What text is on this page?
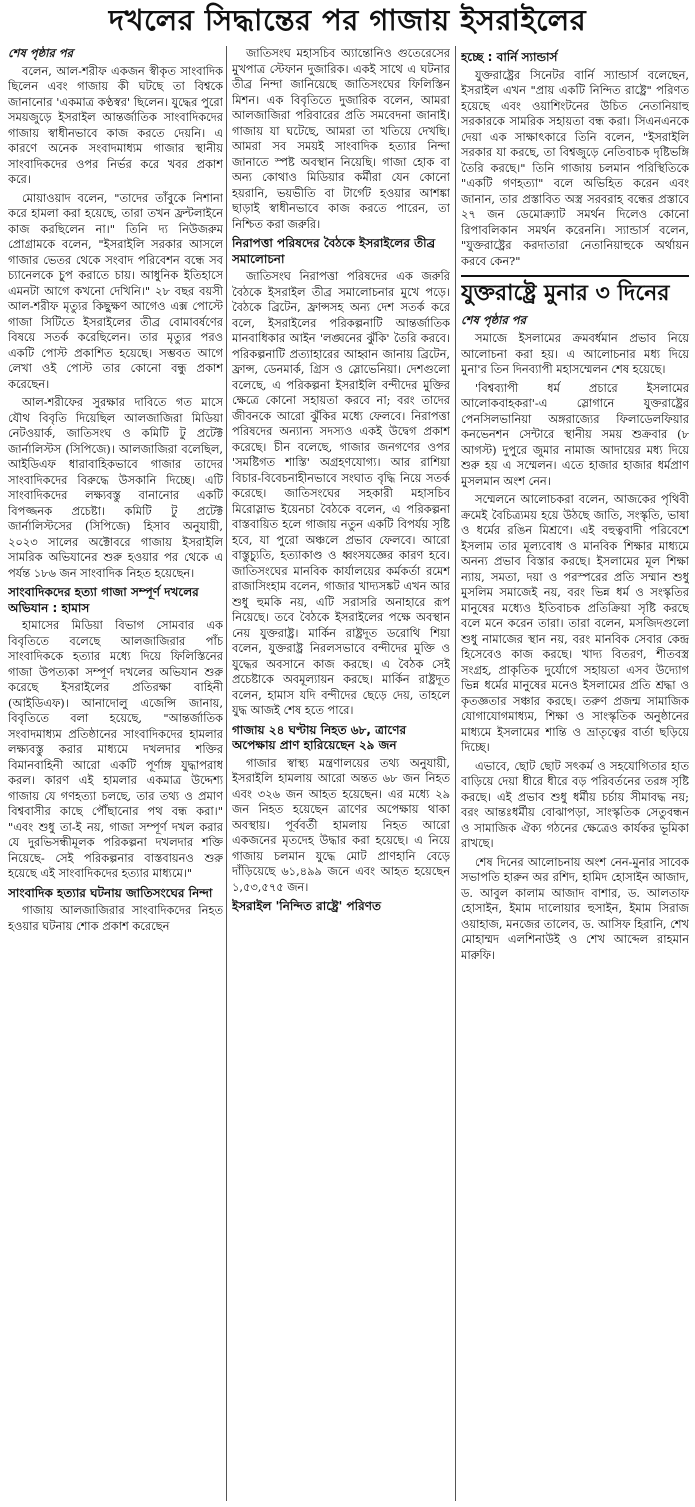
দখলের সিদ্ধান্তের পর গাজায় ইসরাইলের

শেষ পৃষ্ঠার পর

বলেন, আল-শরীফ একজন স্বীকৃত সাংবাদিক ছিলেন এবং গাজায় কী ঘটছে তা বিশ্বকে জানানোর 'একমাত্র কণ্ঠস্বর' ছিলেন। যুদ্ধের পুরো সময়জুড়ে ইসরাইল আন্তর্জাতিক সাংবাদিকদের গাজায় স্বাধীনভাবে কাজ করতে দেয়নি। এ কারণে অনেক সংবাদমাধ্যম গাজার স্থানীয় সাংবাদিকদের ওপর নির্ভর করে খবর প্রকাশ করে।

মোয়াওয়াদ বলেন, "তাদের তাঁবুকে নিশানা করে হামলা করা হয়েছে, তারা তখন ফ্রন্টলাইনে কাজ করছিলেন না।" তিনি দ্য নিউজরুম প্রোগ্রামকে বলেন, "ইসরাইলি সরকার আসলে গাজার ভেতর থেকে সংবাদ পরিবেশন বন্ধে সব চ্যানেলকে চুপ করাতে চায়। আধুনিক ইতিহাসে এমনটা আগে কখনো দেখিনি।" ২৮ বছর বয়সী আল-শরীফ মৃত্যুর কিছুক্ষণ আগেও এক্স পোস্টে গাজা সিটিতে ইসরাইলের তীব্র বোমাবর্ষণের বিষয়ে সতর্ক করেছিলেন। তার মৃত্যুর পরও একটি পোস্ট প্রকাশিত হয়েছে। সম্ভবত আগে লেখা ওই পোস্ট তার কোনো বন্ধু প্রকাশ করেছেন।

আল-শরীফের সুরক্ষার দাবিতে গত মাসে যৌথ বিবৃতি দিয়েছিল আলজাজিরা মিডিয়া নেটওয়ার্ক, জাতিসংঘ ও কমিটি টু প্রটেক্ট জার্নালিস্টস (সিপিজে)। আলজাজিরা বলেছিল, আইডিএফ ধারাবাহিকভাবে গাজার তাদের সাংবাদিকদের বিরুদ্ধে উসকানি দিচ্ছে। এটি সাংবাদিকদের লক্ষ্যবস্তু বানানোর একটি বিপজ্জনক প্রচেষ্টা। কমিটি টু প্রটেক্ট জার্নালিস্টসের (সিপিজে) হিসাব অনুযায়ী, ২০২৩ সালের অক্টোবরে গাজায় ইসরাইলি সামরিক অভিযানের শুরু হওয়ার পর থেকে এ পর্যন্ত ১৮৬ জন সাংবাদিক নিহত হয়েছেন।

সাংবাদিকদের হত্যা গাজা সম্পূর্ণ দখলের অভিযান : হামাস

হামাসের মিডিয়া বিভাগ সোমবার এক বিবৃতিতে বলেছে আলজাজিরার পাঁচ সাংবাদিককে হত্যার মধ্যে দিয়ে ফিলিস্তিনের গাজা উপত্যকা সম্পূর্ণ দখলের অভিযান শুরু করেছে ইসরাইলের প্রতিরক্ষা বাহিনী (আইডিএফ)। আনাদোলু এজেন্সি জানায়, বিবৃতিতে বলা হয়েছে, "আন্তর্জাতিক সংবাদমাধ্যম প্রতিষ্ঠানের সাংবাদিকদের হামলার লক্ষ্যবস্তু করার মাধ্যমে দখলদার শক্তির বিমানবাহিনী আরো একটি পূর্ণাঙ্গ যুদ্ধাপরাধ করল। কারণ এই হামলার একমাত্র উদ্দেশ্য গাজায় যে গণহত্যা চলছে, তার তথ্য ও প্রমাণ বিশ্ববাসীর কাছে পৌঁছানোর পথ বন্ধ করা।" "এবং শুধু তা-ই নয়, গাজা সম্পূর্ণ দখল করার যে দুরভিসন্ধীমূলক পরিকল্পনা দখলদার শক্তি নিয়েছে- সেই পরিকল্পনার বাস্তবায়নও শুরু হয়েছে এই সাংবাদিকদের হত্যার মাধ্যমে।"

সাংবাদিক হত্যার ঘটনায় জাতিসংঘের নিন্দা

গাজায় আলজাজিরার সাংবাদিকদের নিহত হওয়ার ঘটনায় শোক প্রকাশ করেছেন

জাতিসংঘ মহাসচিব অ্যান্তোনিও গুতেরেসের মুখপাত্র স্টেফান দুজারিক। একই সাথে এ ঘটনার তীব্র নিন্দা জানিয়েছে জাতিসংঘের ফিলিস্তিন মিশন। এক বিবৃতিতে দুজারিক বলেন, আমরা আলজাজিরা পরিবারের প্রতি সমবেদনা জানাই। গাজায় যা ঘটেছে, আমরা তা খতিয়ে দেখছি। আমরা সব সময়ই সাংবাদিক হত্যার নিন্দা জানাতে স্পষ্ট অবস্থান নিয়েছি। গাজা হোক বা অন্য কোথাও মিডিয়ার কর্মীরা যেন কোনো হয়রানি, ভয়ভীতি বা টার্গেট হওয়ার আশঙ্কা ছাড়াই স্বাধীনভাবে কাজ করতে পারেন, তা নিশ্চিত করা জরুরি।

নিরাপত্তা পরিষদের বৈঠকে ইসরাইলের তীব্র সমালোচনা

জাতিসংঘ নিরাপত্তা পরিষদের এক জরুরি বৈঠকে ইসরাইল তীব্র সমালোচনার মুখে পড়ে। বৈঠকে ব্রিটেন, ফ্রান্সসহ অন্য দেশ সতর্ক করে বলে, ইসরাইলের পরিকল্পনাটি আন্তর্জাতিক মানবাধিকার আইন 'লঙ্ঘনের ঝুঁকি' তৈরি করবে। পরিকল্পনাটি প্রত্যাহারের আহ্বান জানায় ব্রিটেন, ফ্রান্স, ডেনমার্ক, গ্রিস ও স্লোভেনিয়া। দেশগুলো বলেছে, এ পরিকল্পনা ইসরাইলি বন্দীদের মুক্তির ক্ষেত্রে কোনো সহায়তা করবে না; বরং তাদের জীবনকে আরো ঝুঁকির মধ্যে ফেলবে। নিরাপত্তা পরিষদের অন্যান্য সদস্যও একই উদ্বেগ প্রকাশ করেছে। চীন বলেছে, গাজার জনগণের ওপর 'সমষ্টিগত শাস্তি' অগ্রহণযোগ্য। আর রাশিয়া বিচার-বিবেচনাহীনভাবে সংঘাত বৃদ্ধি নিয়ে সতর্ক করেছে। জাতিসংঘের সহকারী মহাসচিব মিরোস্লাভ ইয়েনচা বৈঠকে বলেন, এ পরিকল্পনা বাস্তবায়িত হলে গাজায় নতুন একটি বিপর্যয় সৃষ্টি হবে, যা পুরো অঞ্চলে প্রভাব ফেলবে। আরো বাস্তুচ্যুতি, হত্যাকাণ্ড ও ধ্বংসযজ্ঞের কারণ হবে। জাতিসংঘের মানবিক কার্যালয়ের কর্মকর্তা রমেশ রাজাসিংহাম বলেন, গাজার খাদ্যসঙ্কট এখন আর শুধু হুমকি নয়, এটি সরাসরি অনাহারে রূপ নিয়েছে। তবে বৈঠকে ইসরাইলের পক্ষে অবস্থান নেয় যুক্তরাষ্ট্র। মার্কিন রাষ্ট্রদূত ডরোথি শিয়া বলেন, যুক্তরাষ্ট্র নিরলসভাবে বন্দীদের মুক্তি ও যুদ্ধের অবসানে কাজ করছে। এ বৈঠক সেই প্রচেষ্টাকে অবমূল্যায়ন করছে। মার্কিন রাষ্ট্রদূত বলেন, হামাস যদি বন্দীদের ছেড়ে দেয়, তাহলে যুদ্ধ আজই শেষ হতে পারে।

গাজায় ২৪ ঘণ্টায় নিহত ৬৮, ত্রাণের অপেক্ষায় প্রাণ হারিয়েছেন ২৯ জন

গাজার স্বাস্থ্য মন্ত্রণালয়ের তথ্য অনুযায়ী, ইসরাইলি হামলায় আরো অন্তত ৬৮ জন নিহত এবং ৩২৬ জন আহত হয়েছেন। এর মধ্যে ২৯ জন নিহত হয়েছেন ত্রাণের অপেক্ষায় থাকা অবস্থায়। পূর্ববর্তী হামলায় নিহত আরো একজনের মৃতদেহ উদ্ধার করা হয়েছে। এ নিয়ে গাজায় চলমান যুদ্ধে মোট প্রাণহানি বেড়ে দাঁড়িয়েছে ৬১,৪৯৯ জনে এবং আহত হয়েছেন ১,৫৩,৫৭৫ জন।

ইসরাইল 'নিন্দিত রাষ্ট্রে' পরিণত
হচ্ছে : বার্নি স্যান্ডার্স

যুক্তরাষ্ট্রের সিনেটর বার্নি স্যান্ডার্স বলেছেন, ইসরাইল এখন "প্রায় একটি নিন্দিত রাষ্ট্রে" পরিণত হয়েছে এবং ওয়াশিংটনের উচিত নেতানিয়াহু সরকারকে সামরিক সহায়তা বন্ধ করা। সিএনএনকে দেয়া এক সাক্ষাৎকারে তিনি বলেন, "ইসরাইলি সরকার যা করছে, তা বিশ্বজুড়ে নেতিবাচক দৃষ্টিভঙ্গি তৈরি করছে।" তিনি গাজায় চলমান পরিস্থিতিকে "একটি গণহত্যা" বলে অভিহিত করেন এবং জানান, তার প্রস্তাবিত অস্ত্র সরবরাহ বন্ধের প্রস্তাবে ২৭ জন ডেমোক্র্যাট সমর্থন দিলেও কোনো রিপাবলিকান সমর্থন করেননি। স্যান্ডার্স বলেন, "যুক্তরাষ্ট্রের করদাতারা নেতানিয়াহুকে অর্থায়ন করবে কেন?"

যুক্তরাষ্ট্রে মুনার ৩ দিনের

শেষ পৃষ্ঠার পর

সমাজে ইসলামের ক্রমবর্ধমান প্রভাব নিয়ে আলোচনা করা হয়। এ আলোচনার মধ্য দিয়ে মুনা'র তিন দিনব্যাপী মহাসম্মেলন শেষ হয়েছে।

'বিশ্বব্যাপী ধর্ম প্রচারে ইসলামের আলোকবাহকরা'-এ স্লোগানে যুক্তরাষ্ট্রের পেনসিলভানিয়া অঙ্গরাজ্যের ফিলাডেলফিয়ার কনভেনশন সেন্টারে স্থানীয় সময় শুক্রবার (৮ আগস্ট) দুপুরে জুমার নামাজ আদায়ের মধ্য দিয়ে শুরু হয় এ সম্মেলন। এতে হাজার হাজার ধর্মপ্রাণ মুসলমান অংশ নেন।

সম্মেলনে আলোচকরা বলেন, আজকের পৃথিবী ক্রমেই বৈচিত্র্যময় হয়ে উঠছে জাতি, সংস্কৃতি, ভাষা ও ধর্মের রঙিন মিশ্রণে। এই বহুত্ববাদী পরিবেশে ইসলাম তার মূল্যবোধ ও মানবিক শিক্ষার মাধ্যমে অনন্য প্রভাব বিস্তার করছে। ইসলামের মূল শিক্ষা ন্যায়, সমতা, দয়া ও পরস্পরের প্রতি সম্মান শুধু মুসলিম সমাজেই নয়, বরং ভিন্ন ধর্ম ও সংস্কৃতির মানুষের মধ্যেও ইতিবাচক প্রতিক্রিয়া সৃষ্টি করছে বলে মনে করেন তারা। তারা বলেন, মসজিদগুলো শুধু নামাজের স্থান নয়, বরং মানবিক সেবার কেন্দ্র হিসেবেও কাজ করছে। খাদ্য বিতরণ, শীতবস্ত্র সংগ্রহ, প্রাকৃতিক দুর্যোগে সহায়তা এসব উদ্যোগ ভিন্ন ধর্মের মানুষের মনেও ইসলামের প্রতি শ্রদ্ধা ও কৃতজ্ঞতার সঞ্চার করছে। তরুণ প্রজন্ম সামাজিক যোগাযোগমাধ্যম, শিক্ষা ও সাংস্কৃতিক অনুষ্ঠানের মাধ্যমে ইসলামের শান্তি ও ভ্রাতৃত্বের বার্তা ছড়িয়ে দিচ্ছে।

এভাবে, ছোট ছোট সৎকর্ম ও সহযোগিতার হাত বাড়িয়ে দেয়া ধীরে ধীরে বড় পরিবর্তনের তরঙ্গ সৃষ্টি করছে। এই প্রভাব শুধু ধর্মীয় চর্চায় সীমাবদ্ধ নয়; বরং আন্তঃধর্মীয় বোঝাপড়া, সাংস্কৃতিক সেতুবন্ধন ও সামাজিক ঐক্য গঠনের ক্ষেত্রেও কার্যকর ভূমিকা রাখছে।

শেষ দিনের আলোচনায় অংশ নেন-মুনার সাবেক সভাপতি হারুন অর রশিদ, হামিদ হোসাইন আজাদ, ড. আবুল কালাম আজাদ বাশার, ড. আলতাফ হোসাইন, ইমাম দালোয়ার হুসাইন, ইমাম সিরাজ ওয়াহাজ, মনজের তালেব, ড. আসিফ হিরানি, শেখ মোহাম্মদ এলশিনাউই ও শেখ আব্দেল রাহমান মারুফি।
